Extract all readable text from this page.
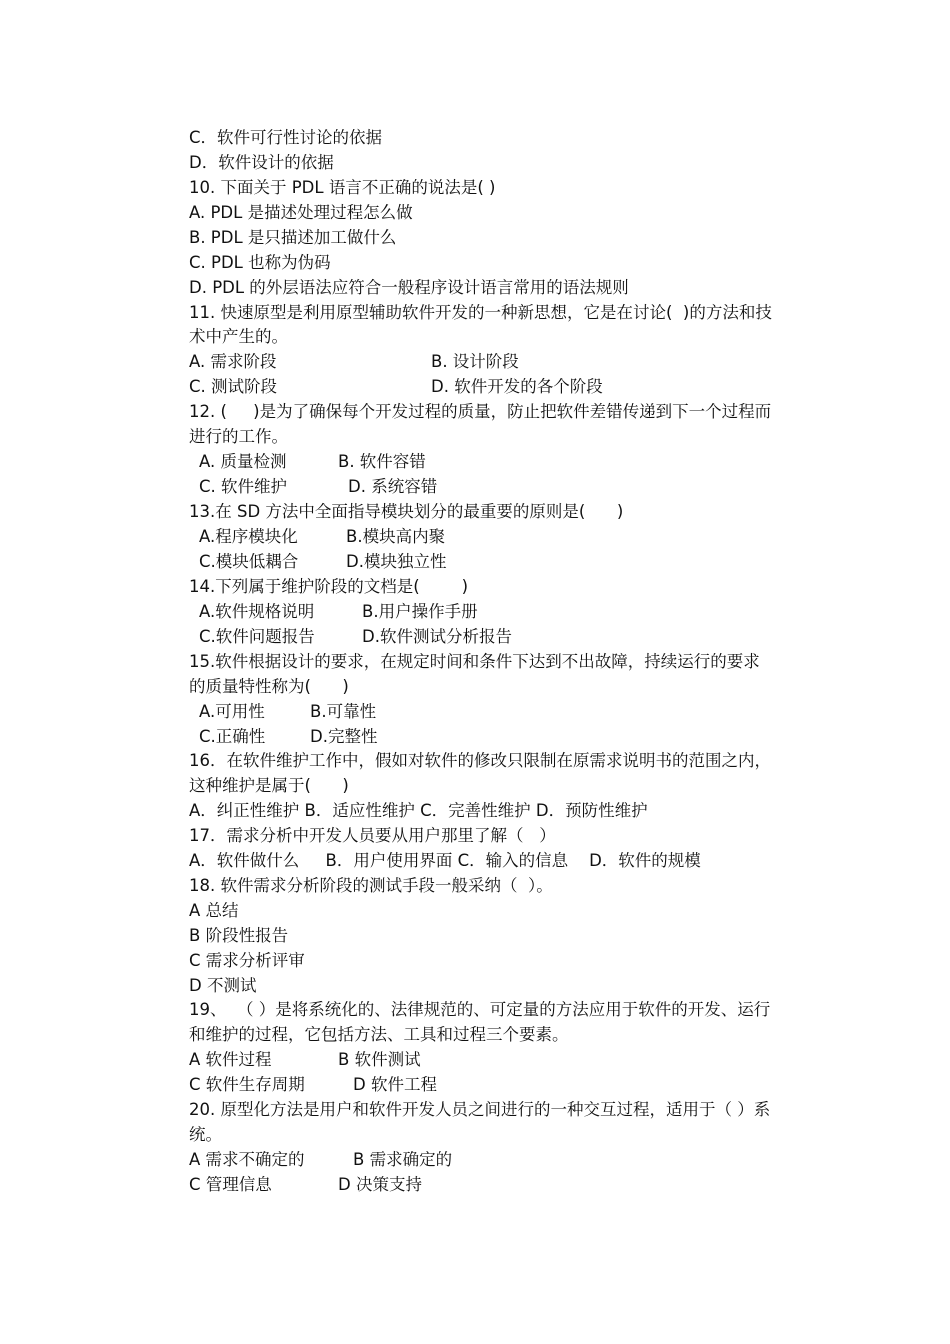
C．软件可行性讨论的依据
D．软件设计的依据
10. 下面关于 PDL 语言不正确的说法是( )
A. PDL 是描述处理过程怎么做
B. PDL 是只描述加工做什么
C. PDL 也称为伪码
D. PDL 的外层语法应符合一般程序设计语言常用的语法规则
11. 快速原型是利用原型辅助软件开发的一种新思想，它是在讨论(  )的方法和技
术中产生的。
A. 需求阶段	B. 设计阶段
C. 测试阶段	D. 软件开发的各个阶段
12. (     )是为了确保每个开发过程的质量，防止把软件差错传递到下一个过程而
进行的工作。
A. 质量检测	B. 软件容错
C. 软件维护	D. 系统容错
13.在 SD 方法中全面指导模块划分的最重要的原则是(      )
A.程序模块化	B.模块高内聚
C.模块低耦合	D.模块独立性
14.下列属于维护阶段的文档是(        )
A.软件规格说明	B.用户操作手册
C.软件问题报告	D.软件测试分析报告
15.软件根据设计的要求，在规定时间和条件下达到不出故障，持续运行的要求
的质量特性称为(      )
A.可用性	B.可靠性
C.正确性	D.完整性
16．在软件维护工作中，假如对软件的修改只限制在原需求说明书的范围之内，
这种维护是属于(      )
A．纠正性维护 B．适应性维护 C．完善性维护 D．预防性维护
17．需求分析中开发人员要从用户那里了解（   ）
A．软件做什么     B．用户使用界面 C．输入的信息    D．软件的规模
18. 软件需求分析阶段的测试手段一般采纳（  ）。
A 总结
B 阶段性报告
C 需求分析评审
D 不测试
19、  （ ）是将系统化的、法律规范的、可定量的方法应用于软件的开发、运行
和维护的过程，它包括方法、工具和过程三个要素。
A 软件过程	B 软件测试
C 软件生存周期	D 软件工程
20. 原型化方法是用户和软件开发人员之间进行的一种交互过程，适用于（ ）系
统。
A 需求不确定的	B 需求确定的
C 管理信息	D 决策支持
